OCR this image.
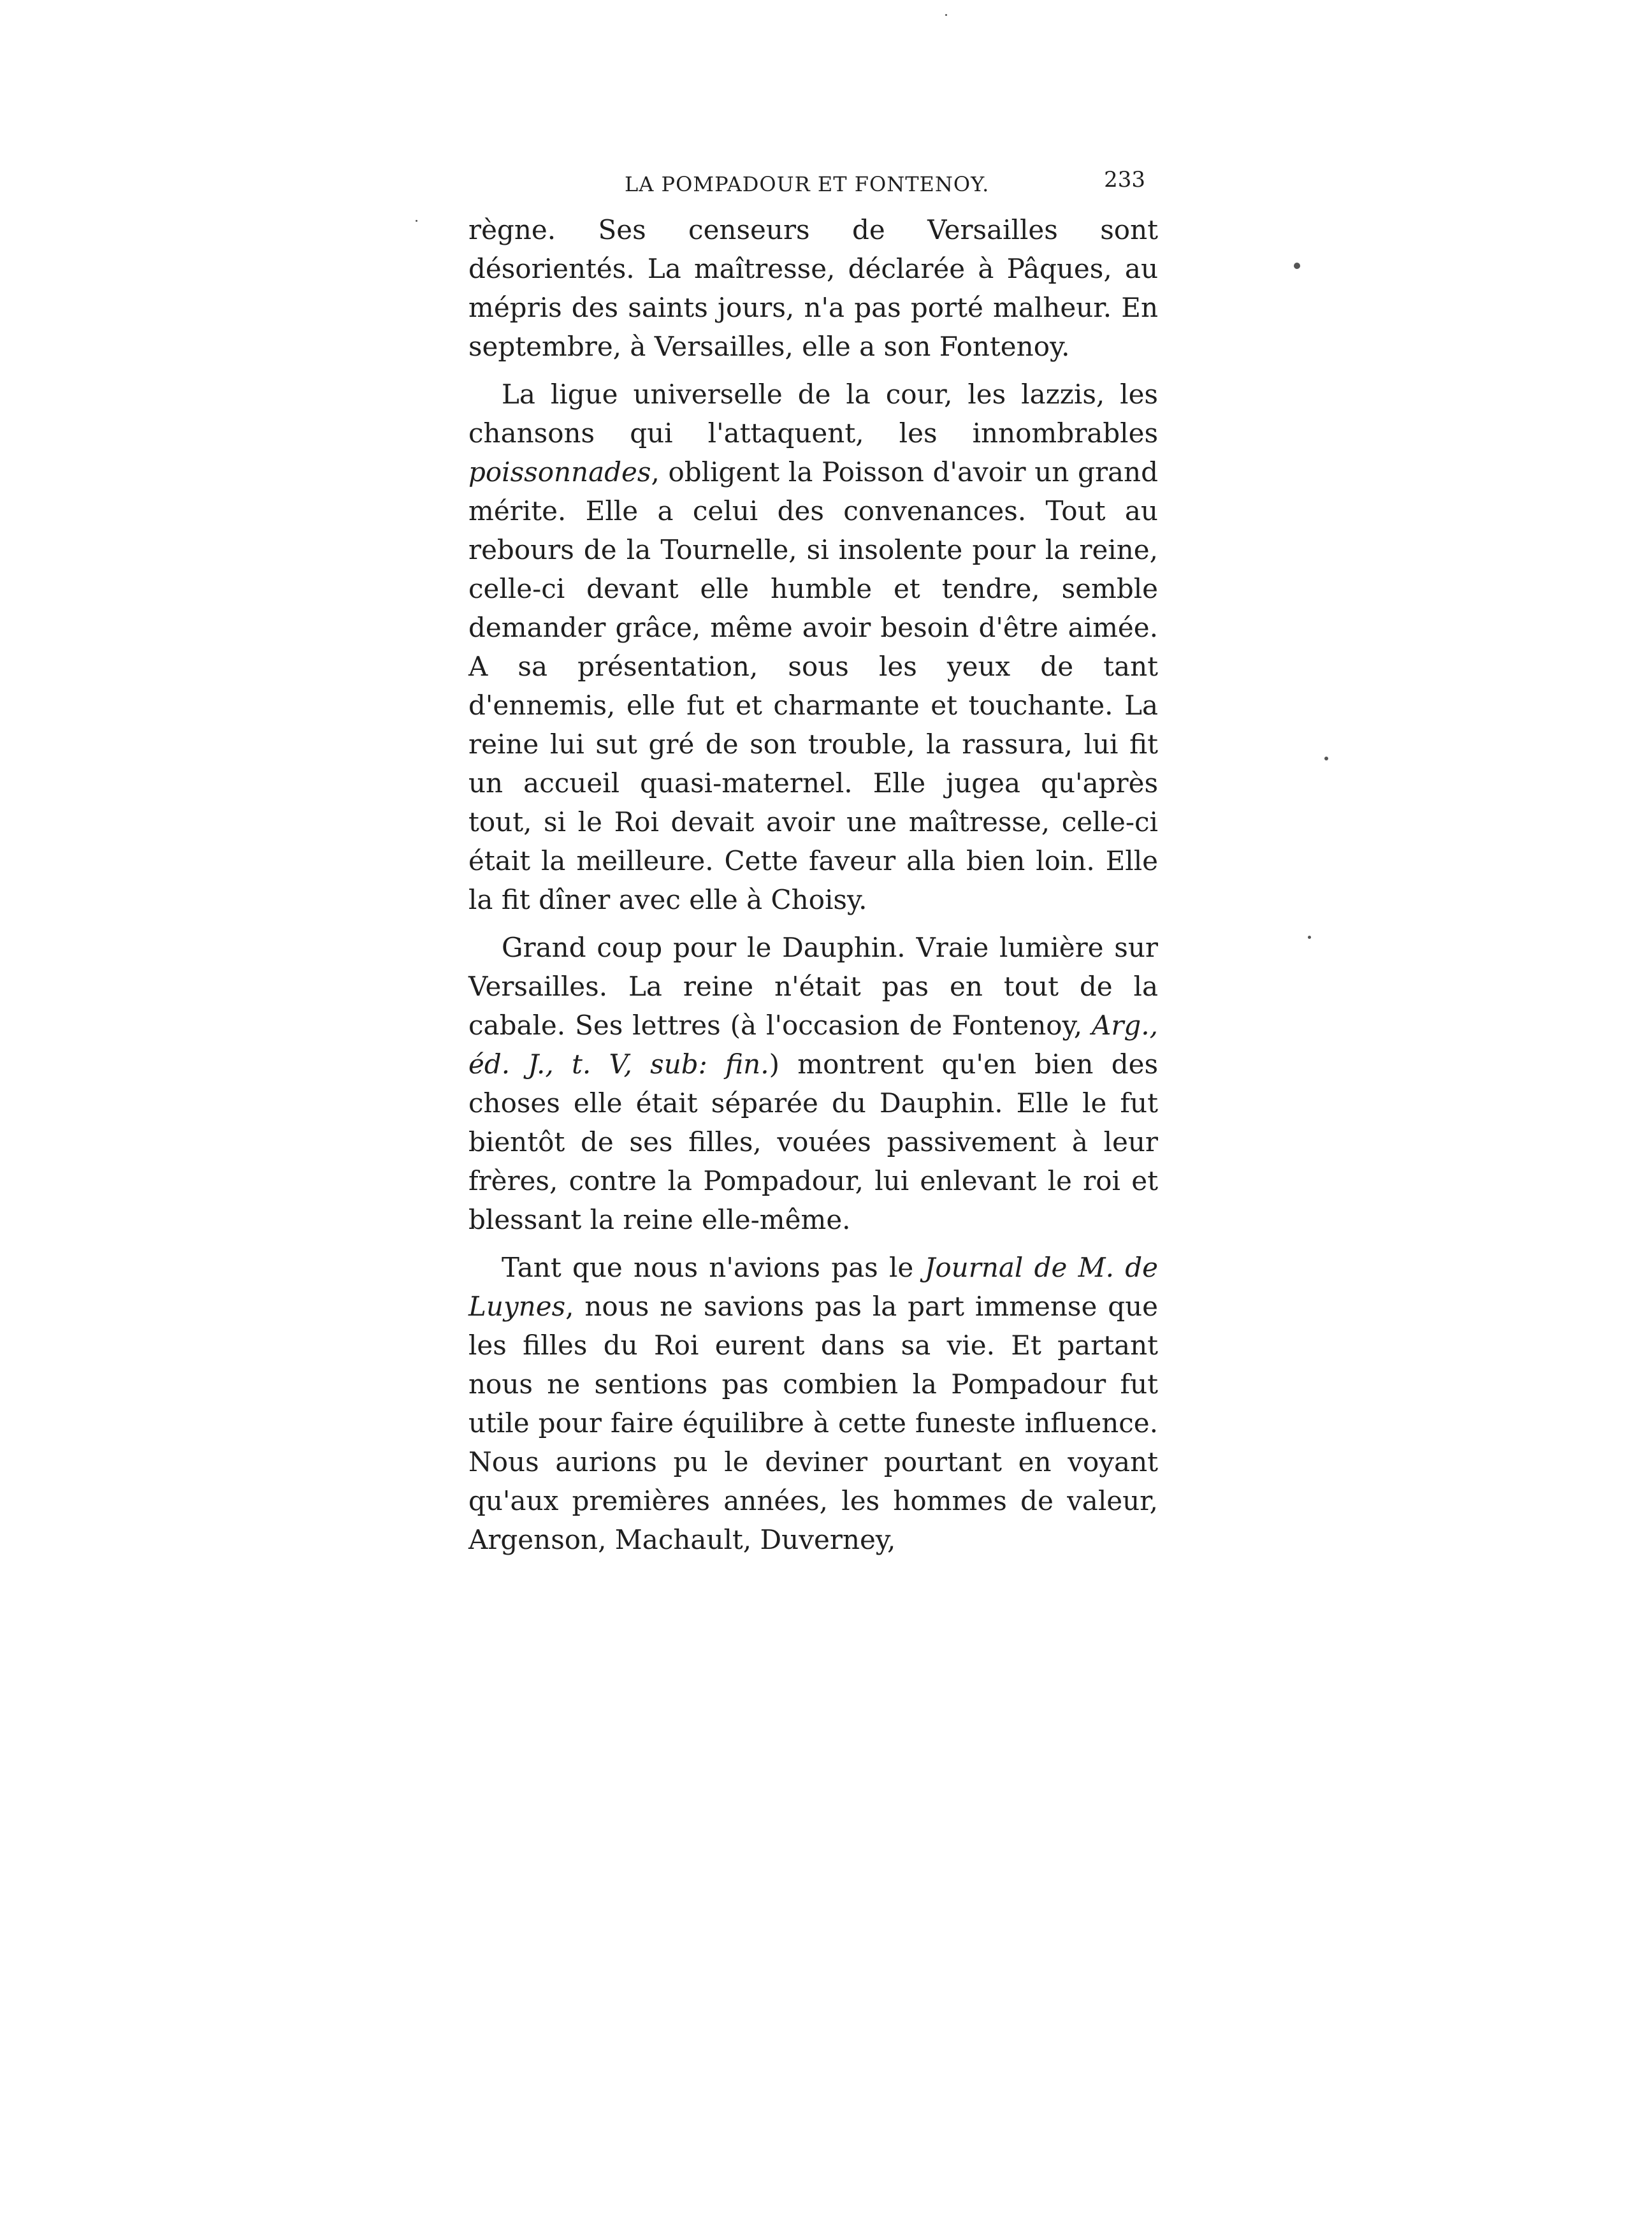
LA POMPADOUR ET FONTENOY.	233

règne. Ses censeurs de Versailles sont désorientés. La maîtresse, déclarée à Pâques, au mépris des saints jours, n'a pas porté malheur. En septembre, à Versailles, elle a son Fontenoy.

La ligue universelle de la cour, les lazzis, les chansons qui l'attaquent, les innombrables poissonnades, obligent la Poisson d'avoir un grand mérite. Elle a celui des convenances. Tout au rebours de la Tournelle, si insolente pour la reine, celle-ci devant elle humble et tendre, semble demander grâce, même avoir besoin d'être aimée. A sa présentation, sous les yeux de tant d'ennemis, elle fut et charmante et touchante. La reine lui sut gré de son trouble, la rassura, lui fit un accueil quasi-maternel. Elle jugea qu'après tout, si le Roi devait avoir une maîtresse, celle-ci était la meilleure. Cette faveur alla bien loin. Elle la fit dîner avec elle à Choisy.

Grand coup pour le Dauphin. Vraie lumière sur Versailles. La reine n'était pas en tout de la cabale. Ses lettres (à l'occasion de Fontenoy, Arg., éd. J., t. V, sub: fin.) montrent qu'en bien des choses elle était séparée du Dauphin. Elle le fut bientôt de ses filles, vouées passivement à leur frères, contre la Pompadour, lui enlevant le roi et blessant la reine elle-même.

Tant que nous n'avions pas le Journal de M. de Luynes, nous ne savions pas la part immense que les filles du Roi eurent dans sa vie. Et partant nous ne sentions pas combien la Pompadour fut utile pour faire équilibre à cette funeste influence. Nous aurions pu le deviner pourtant en voyant qu'aux premières années, les hommes de valeur, Argenson, Machault, Duverney,
